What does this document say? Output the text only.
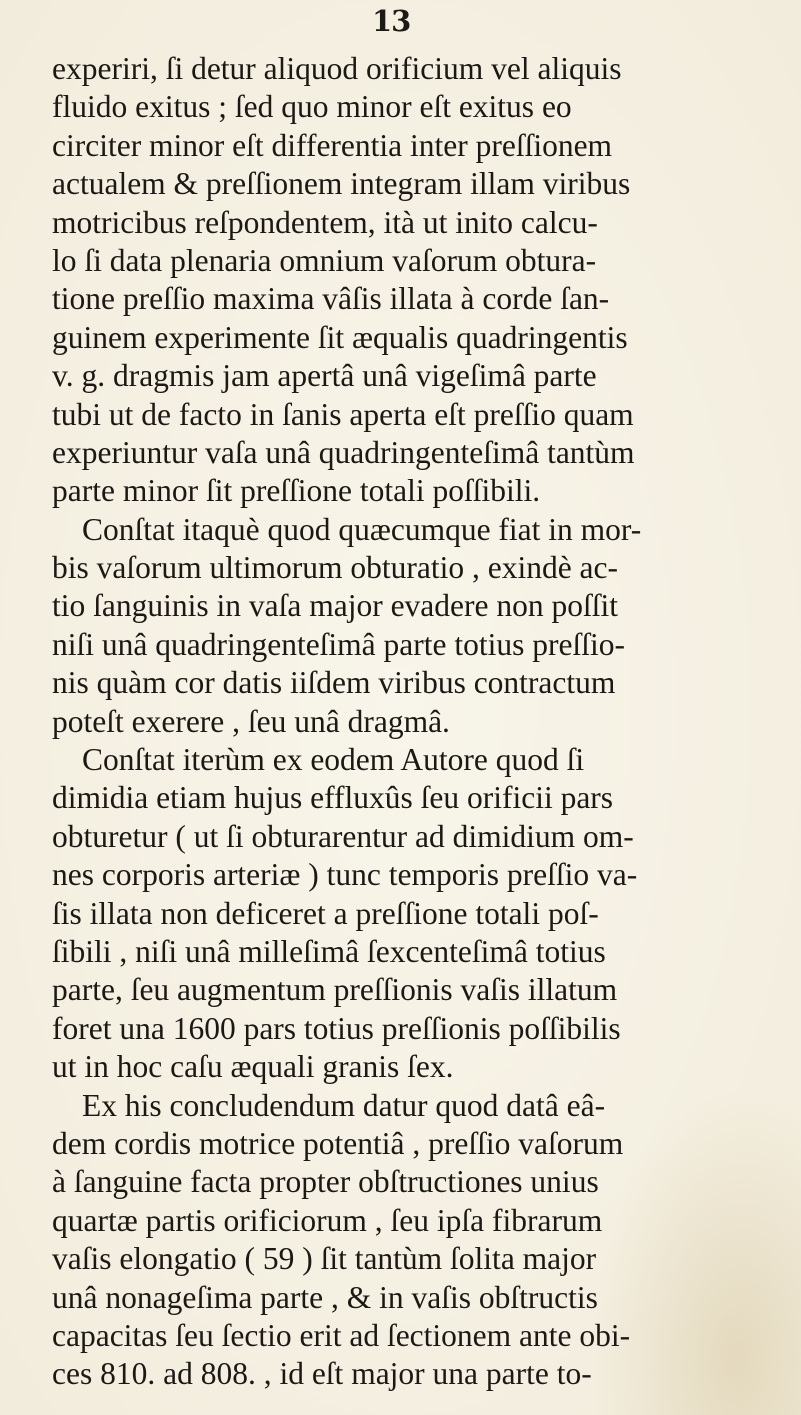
13
experiri, ſi detur aliquod orificium vel aliquis
fluido exitus ; ſed quo minor eſt exitus eo
circiter minor eſt differentia inter preſſionem
actualem & preſſionem integram illam viribus
motricibus reſpondentem, ità ut inito calcu-
lo ſi data plenaria omnium vaſorum obtura-
tione preſſio maxima vâſis illata à corde ſan-
guinem experimente ſit æqualis quadringentis
v. g. dragmis jam apertâ unâ vigeſimâ parte
tubi ut de facto in ſanis aperta eſt preſſio quam
experiuntur vaſa unâ quadringenteſimâ tantùm
parte minor ſit preſſione totali poſſibili.
Conſtat itaquè quod quæcumque fiat in mor-
bis vaſorum ultimorum obturatio , exindè ac-
tio ſanguinis in vaſa major evadere non poſſit
niſi unâ quadringenteſimâ parte totius preſſio-
nis quàm cor datis iiſdem viribus contractum
poteſt exerere , ſeu unâ dragmâ.
Conſtat iterùm ex eodem Autore quod ſi
dimidia etiam hujus effluxûs ſeu orificii pars
obturetur ( ut ſi obturarentur ad dimidium om-
nes corporis arteriæ ) tunc temporis preſſio va-
ſis illata non deficeret a preſſione totali poſ-
ſibili , niſi unâ milleſimâ ſexcenteſimâ totius
parte, ſeu augmentum preſſionis vaſis illatum
foret una 1600 pars totius preſſionis poſſibilis
ut in hoc caſu æquali granis ſex.
Ex his concludendum datur quod datâ eâ-
dem cordis motrice potentiâ , preſſio vaſorum
à ſanguine facta propter obſtructiones unius
quartæ partis orificiorum , ſeu ipſa fibrarum
vaſis elongatio ( 59 ) ſit tantùm ſolita major
unâ nonageſima parte , & in vaſis obſtructis
capacitas ſeu ſectio erit ad ſectionem ante obi-
ces 810. ad 808. , id eſt major una parte to-
